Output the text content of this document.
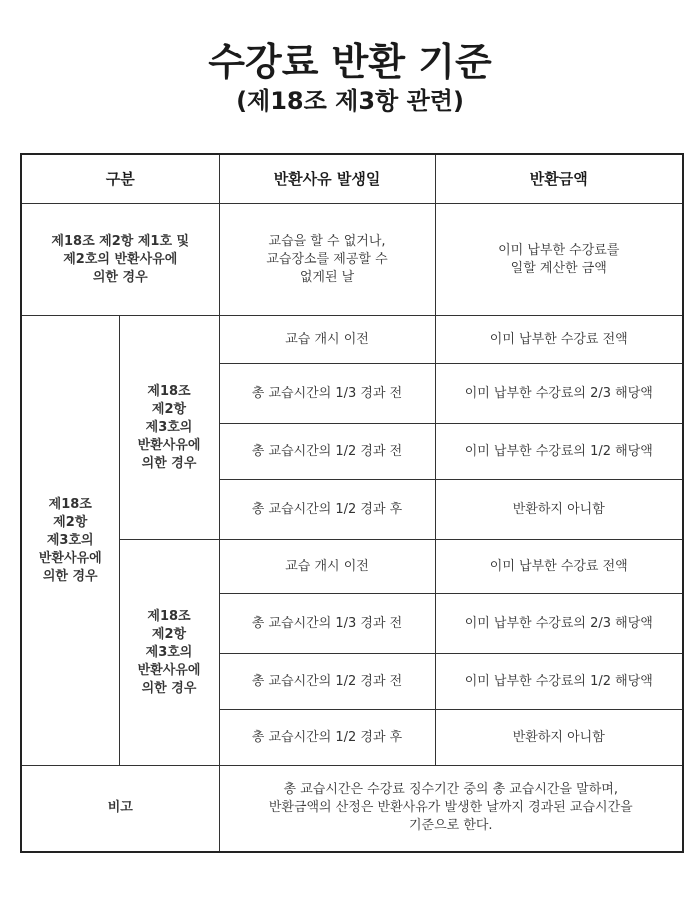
수강료 반환 기준
(제18조 제3항 관련)
구분		반환사유 발생일	반환금액
제18조 제2항 제1호 및
제2호의 반환사유에
의한 경우		교습을 할 수 없거나,
교습장소를 제공할 수
없게된 날	이미 납부한 수강료를
일할 계산한 금액
제18조
제2항
제3호의
반환사유에
의한 경우	제18조
제2항
제3호의
반환사유에
의한 경우	교습 개시 이전	이미 납부한 수강료 전액
		총 교습시간의 1/3 경과 전	이미 납부한 수강료의 2/3 해당액
		총 교습시간의 1/2 경과 전	이미 납부한 수강료의 1/2 해당액
		총 교습시간의 1/2 경과 후	반환하지 아니함
	제18조
제2항
제3호의
반환사유에
의한 경우	교습 개시 이전	이미 납부한 수강료 전액
		총 교습시간의 1/3 경과 전	이미 납부한 수강료의 2/3 해당액
		총 교습시간의 1/2 경과 전	이미 납부한 수강료의 1/2 해당액
		총 교습시간의 1/2 경과 후	반환하지 아니함
비고		총 교습시간은 수강료 징수기간 중의 총 교습시간을 말하며,
반환금액의 산정은 반환사유가 발생한 날까지 경과된 교습시간을
기준으로 한다.	
